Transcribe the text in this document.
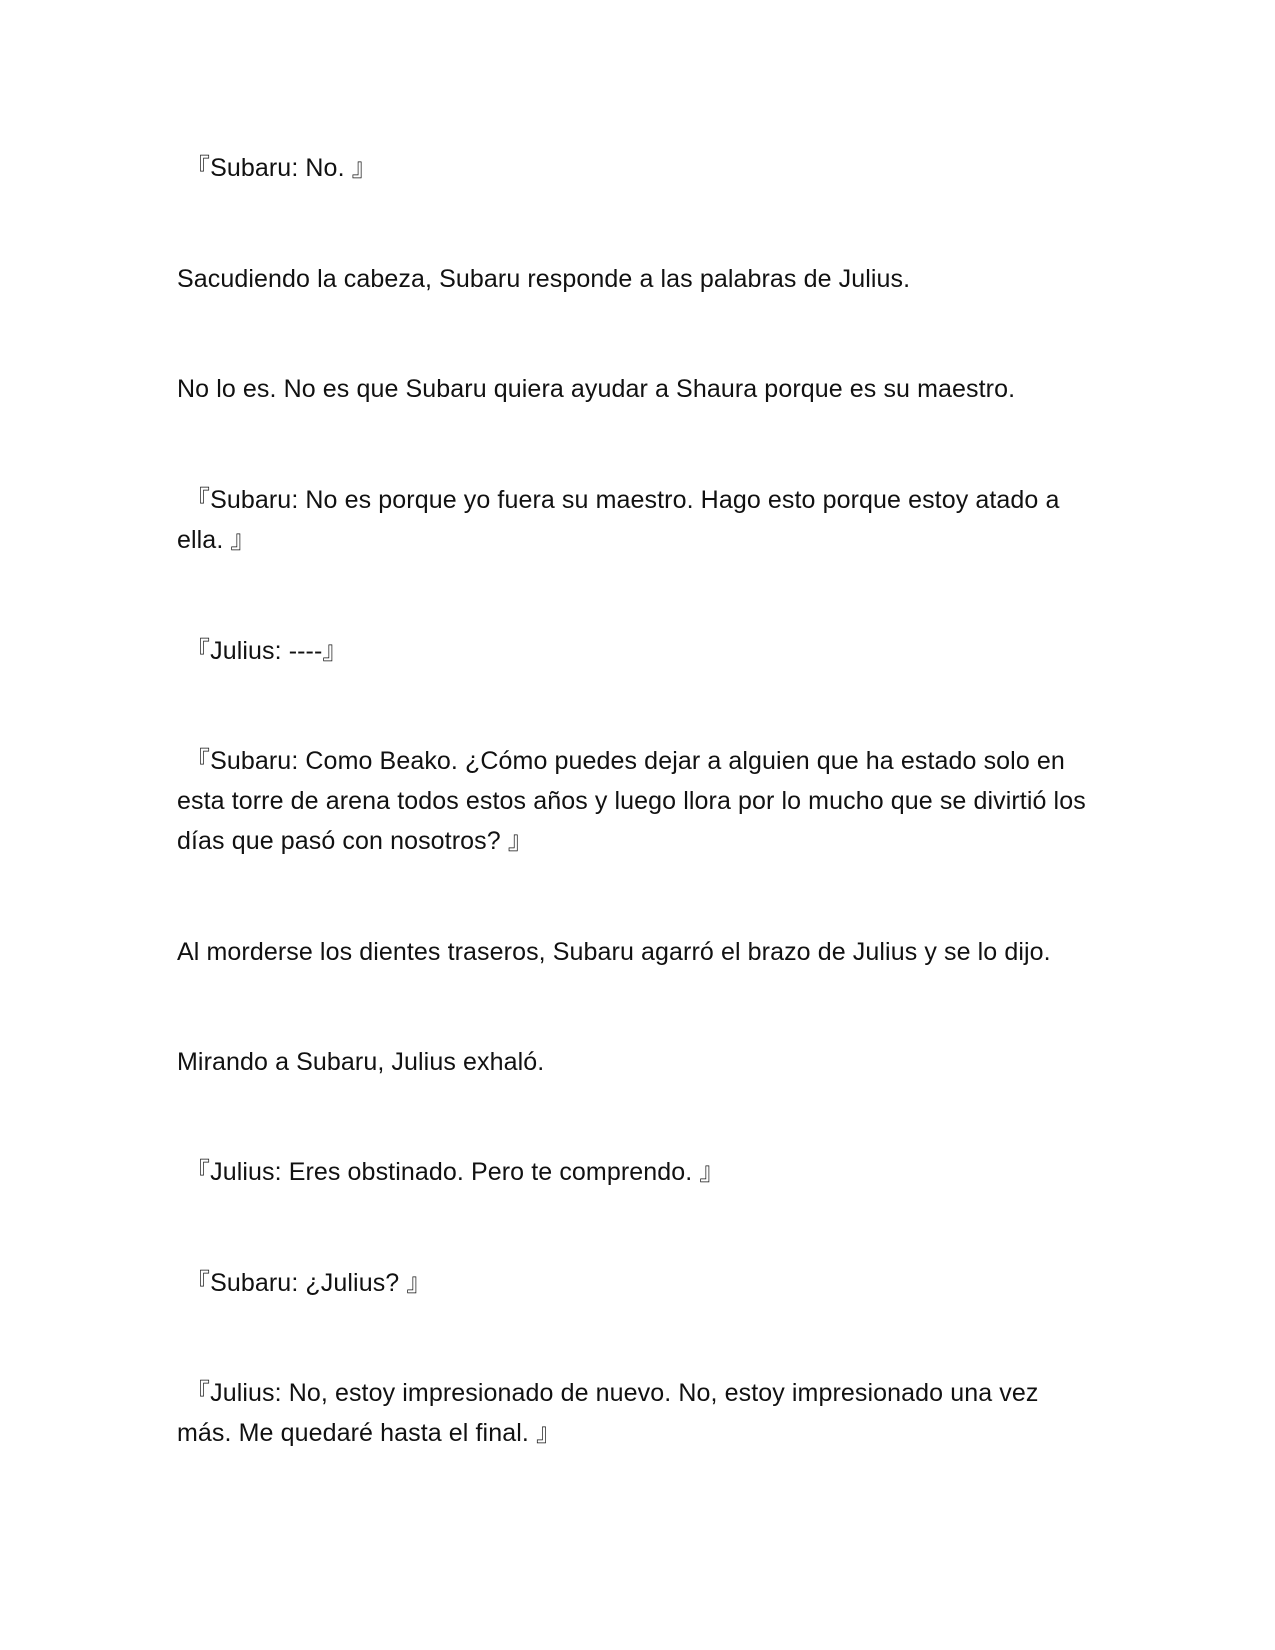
『Subaru: No. 』

Sacudiendo la cabeza, Subaru responde a las palabras de Julius.

No lo es. No es que Subaru quiera ayudar a Shaura porque es su maestro.

『Subaru: No es porque yo fuera su maestro. Hago esto porque estoy atado a ella. 』

『Julius: ----』

『Subaru: Como Beako. ¿Cómo puedes dejar a alguien que ha estado solo en esta torre de arena todos estos años y luego llora por lo mucho que se divirtió los días que pasó con nosotros? 』

Al morderse los dientes traseros, Subaru agarró el brazo de Julius y se lo dijo.

Mirando a Subaru, Julius exhaló.

『Julius: Eres obstinado. Pero te comprendo. 』

『Subaru: ¿Julius? 』

『Julius: No, estoy impresionado de nuevo. No, estoy impresionado una vez más. Me quedaré hasta el final. 』
